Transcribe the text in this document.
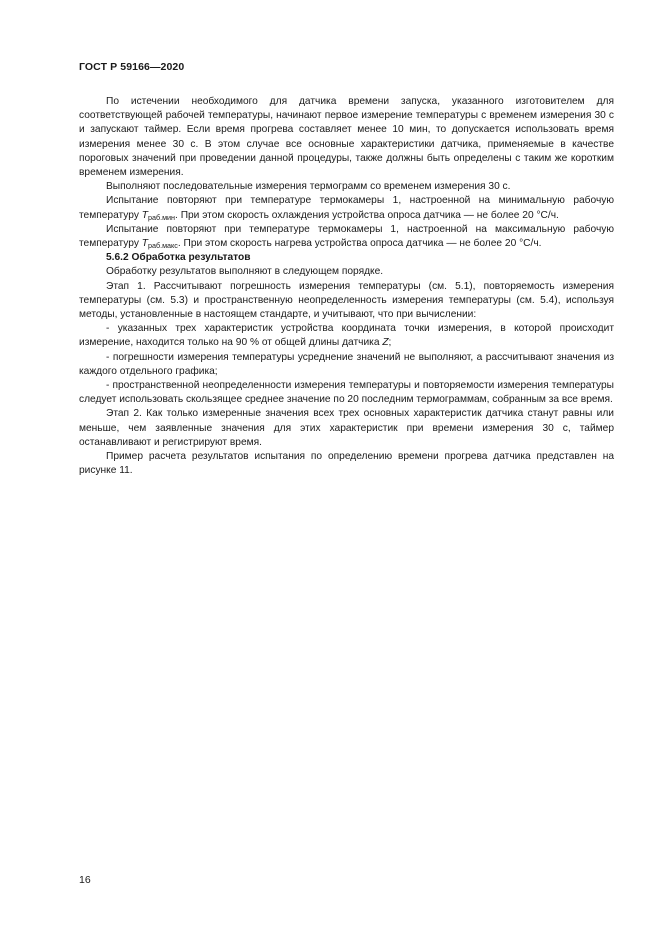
ГОСТ Р 59166—2020

По истечении необходимого для датчика времени запуска, указанного изготовителем для соответствующей рабочей температуры, начинают первое измерение температуры с временем измерения 30 с и запускают таймер. Если время прогрева составляет менее 10 мин, то допускается использовать время измерения менее 30 с. В этом случае все основные характеристики датчика, применяемые в качестве пороговых значений при проведении данной процедуры, также должны быть определены с таким же коротким временем измерения.

Выполняют последовательные измерения термограмм со временем измерения 30 с.

Испытание повторяют при температуре термокамеры 1, настроенной на минимальную рабочую температуру $T_{раб.мин}$. При этом скорость охлаждения устройства опроса датчика — не более 20 °С/ч.

Испытание повторяют при температуре термокамеры 1, настроенной на максимальную рабочую температуру $T_{раб.макс}$. При этом скорость нагрева устройства опроса датчика — не более 20 °С/ч.

5.6.2 Обработка результатов

Обработку результатов выполняют в следующем порядке.

Этап 1. Рассчитывают погрешность измерения температуры (см. 5.1), повторяемость измерения температуры (см. 5.3) и пространственную неопределенность измерения температуры (см. 5.4), используя методы, установленные в настоящем стандарте, и учитывают, что при вычислении:

- указанных трех характеристик устройства координата точки измерения, в которой происходит измерение, находится только на 90 % от общей длины датчика Z;

- погрешности измерения температуры усреднение значений не выполняют, а рассчитывают значения из каждого отдельного графика;

- пространственной неопределенности измерения температуры и повторяемости измерения температуры следует использовать скользящее среднее значение по 20 последним термограммам, собранным за все время.

Этап 2. Как только измеренные значения всех трех основных характеристик датчика станут равны или меньше, чем заявленные значения для этих характеристик при времени измерения 30 с, таймер останавливают и регистрируют время.

Пример расчета результатов испытания по определению времени прогрева датчика представлен на рисунке 11.

16
